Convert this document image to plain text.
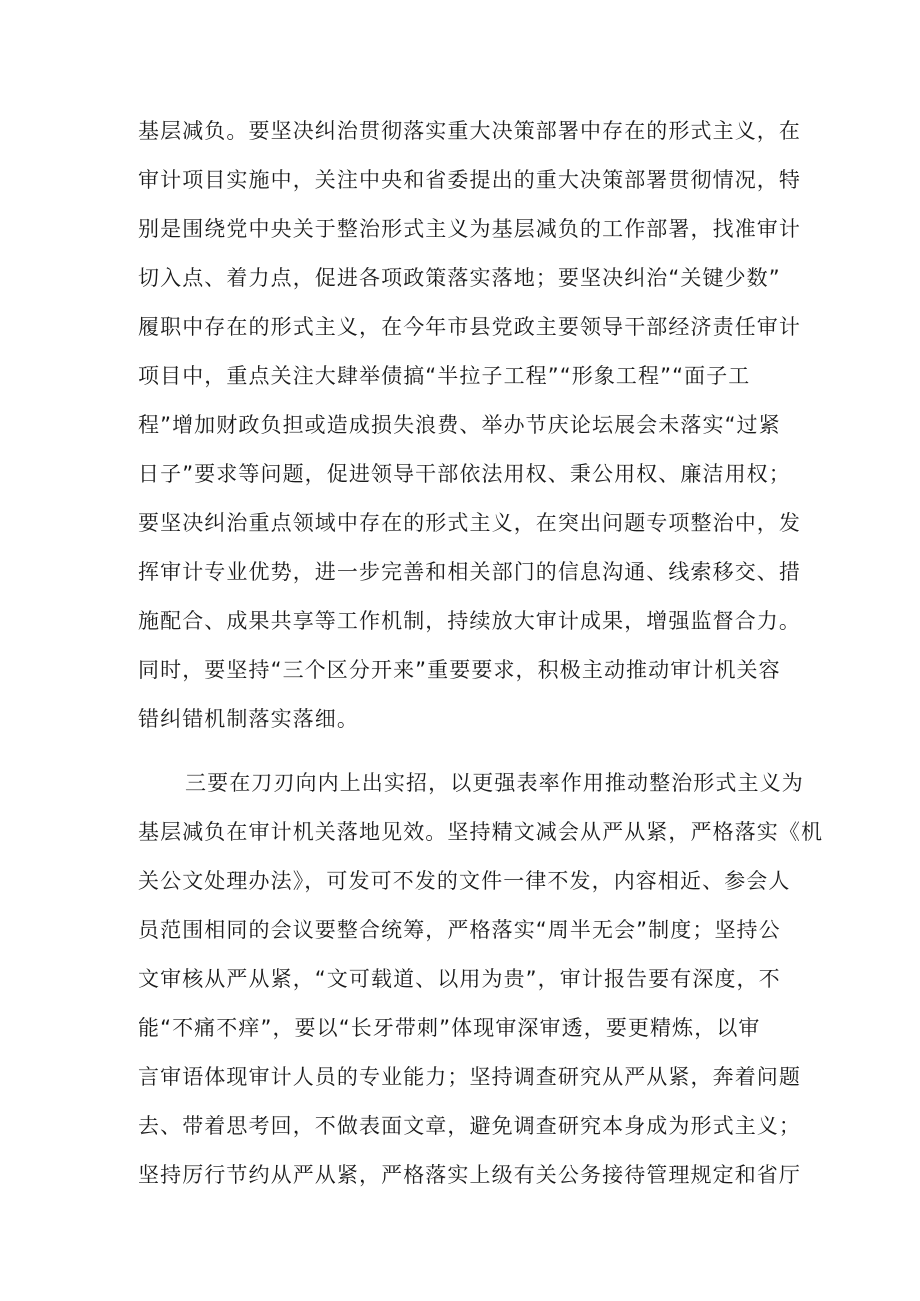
基层减负。要坚决纠治贯彻落实重大决策部署中存在的形式主义，在
审计项目实施中，关注中央和省委提出的重大决策部署贯彻情况，特
别是围绕党中央关于整治形式主义为基层减负的工作部署，找准审计
切入点、着力点，促进各项政策落实落地；要坚决纠治“关键少数”
履职中存在的形式主义，在今年市县党政主要领导干部经济责任审计
项目中，重点关注大肆举债搞“半拉子工程”“形象工程”“面子工
程”增加财政负担或造成损失浪费、举办节庆论坛展会未落实“过紧
日子”要求等问题，促进领导干部依法用权、秉公用权、廉洁用权；
要坚决纠治重点领域中存在的形式主义，在突出问题专项整治中，发
挥审计专业优势，进一步完善和相关部门的信息沟通、线索移交、措
施配合、成果共享等工作机制，持续放大审计成果，增强监督合力。
同时，要坚持“三个区分开来”重要要求，积极主动推动审计机关容
错纠错机制落实落细。
三要在刀刃向内上出实招，以更强表率作用推动整治形式主义为
基层减负在审计机关落地见效。坚持精文减会从严从紧，严格落实《机
关公文处理办法》，可发可不发的文件一律不发，内容相近、参会人
员范围相同的会议要整合统筹，严格落实“周半无会”制度；坚持公
文审核从严从紧，“文可载道、以用为贵”，审计报告要有深度，不
能“不痛不痒”，要以“长牙带刺”体现审深审透，要更精炼，以审
言审语体现审计人员的专业能力；坚持调查研究从严从紧，奔着问题
去、带着思考回，不做表面文章，避免调查研究本身成为形式主义；
坚持厉行节约从严从紧，严格落实上级有关公务接待管理规定和省厅
